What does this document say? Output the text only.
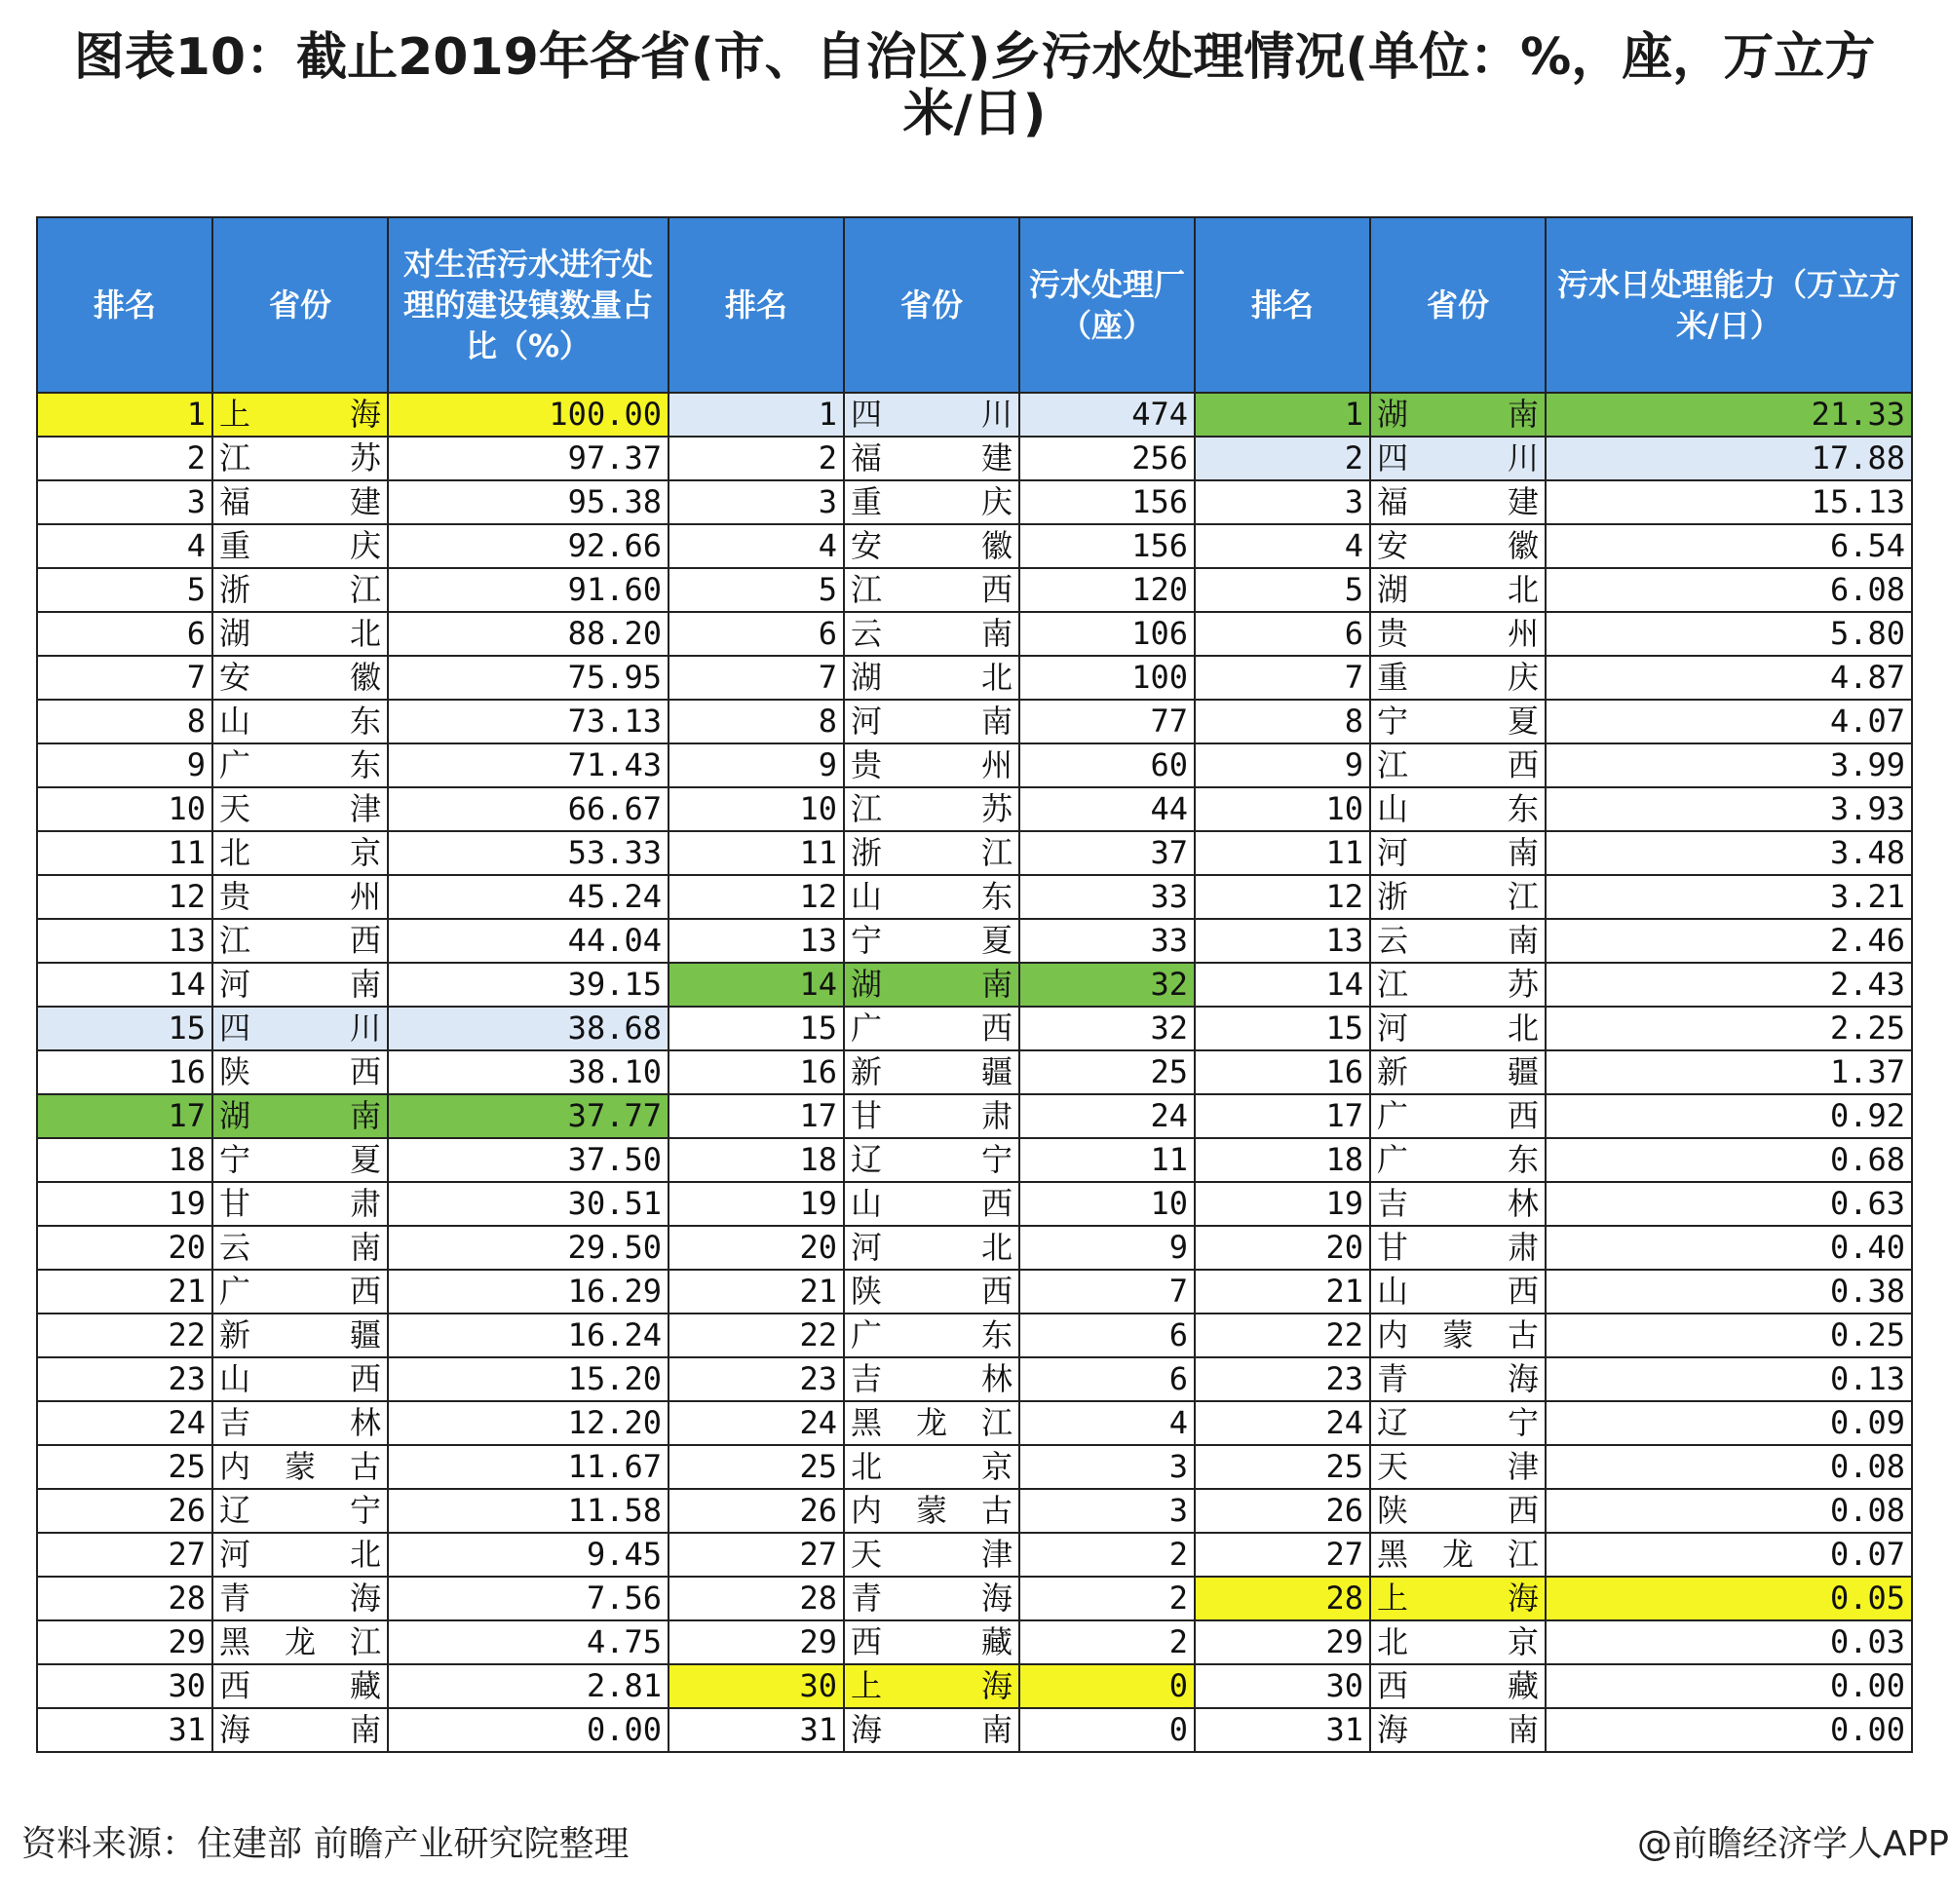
图表10：截止2019年各省(市、自治区)乡污水处理情况(单位：%，座，万立方米/日)
排名	省份	对生活污水进行处理的建设镇数量占比（%）	排名	省份	污水处理厂（座）	排名	省份	污水日处理能力（万立方米/日）
1	上海	100.00	1	四川	474	1	湖南	21.33
2	江苏	97.37	2	福建	256	2	四川	17.88
3	福建	95.38	3	重庆	156	3	福建	15.13
4	重庆	92.66	4	安徽	156	4	安徽	6.54
5	浙江	91.60	5	江西	120	5	湖北	6.08
6	湖北	88.20	6	云南	106	6	贵州	5.80
7	安徽	75.95	7	湖北	100	7	重庆	4.87
8	山东	73.13	8	河南	77	8	宁夏	4.07
9	广东	71.43	9	贵州	60	9	江西	3.99
10	天津	66.67	10	江苏	44	10	山东	3.93
11	北京	53.33	11	浙江	37	11	河南	3.48
12	贵州	45.24	12	山东	33	12	浙江	3.21
13	江西	44.04	13	宁夏	33	13	云南	2.46
14	河南	39.15	14	湖南	32	14	江苏	2.43
15	四川	38.68	15	广西	32	15	河北	2.25
16	陕西	38.10	16	新疆	25	16	新疆	1.37
17	湖南	37.77	17	甘肃	24	17	广西	0.92
18	宁夏	37.50	18	辽宁	11	18	广东	0.68
19	甘肃	30.51	19	山西	10	19	吉林	0.63
20	云南	29.50	20	河北	9	20	甘肃	0.40
21	广西	16.29	21	陕西	7	21	山西	0.38
22	新疆	16.24	22	广东	6	22	内蒙古	0.25
23	山西	15.20	23	吉林	6	23	青海	0.13
24	吉林	12.20	24	黑龙江	4	24	辽宁	0.09
25	内蒙古	11.67	25	北京	3	25	天津	0.08
26	辽宁	11.58	26	内蒙古	3	26	陕西	0.08
27	河北	9.45	27	天津	2	27	黑龙江	0.07
28	青海	7.56	28	青海	2	28	上海	0.05
29	黑龙江	4.75	29	西藏	2	29	北京	0.03
30	西藏	2.81	30	上海	0	30	西藏	0.00
31	海南	0.00	31	海南	0	31	海南	0.00
资料来源：住建部 前瞻产业研究院整理	@前瞻经济学人APP
